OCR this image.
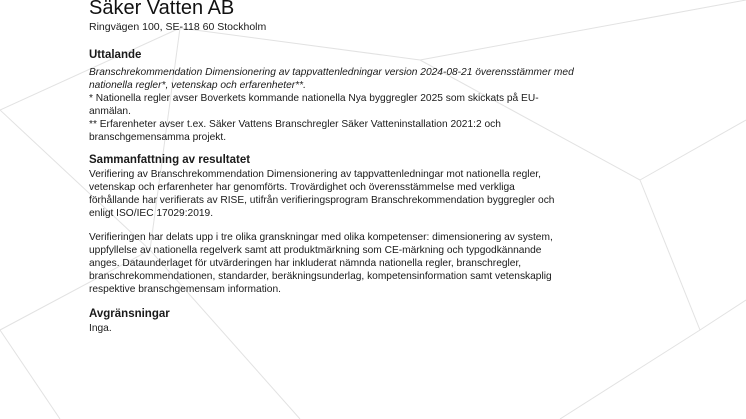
Säker Vatten AB
Ringvägen 100, SE-118 60 Stockholm
Uttalande

Branschrekommendation Dimensionering av tappvattenledningar version 2024-08-21 överensstämmer med

nationella regler*, vetenskap och erfarenheter**.

* Nationella regler avser Boverkets kommande nationella Nya byggregler 2025 som skickats på EU-

anmälan.

** Erfarenheter avser t.ex. Säker Vattens Branschregler Säker Vatteninstallation 2021:2 och

branschgemensamma projekt.

Sammanfattning av resultatet

Verifiering av Branschrekommendation Dimensionering av tappvattenledningar mot nationella regler,

vetenskap och erfarenheter har genomförts. Trovärdighet och överensstämmelse med verkliga

förhållande har verifierats av RISE, utifrån verifieringsprogram Branschrekommendation byggregler och

enligt ISO/IEC 17029:2019.

Verifieringen har delats upp i tre olika granskningar med olika kompetenser: dimensionering av system,

uppfyllelse av nationella regelverk samt att produktmärkning som CE-märkning och typgodkännande

anges. Dataunderlaget för utvärderingen har inkluderat nämnda nationella regler, branschregler,

branschrekommendationen, standarder, beräkningsunderlag, kompetensinformation samt vetenskaplig

respektive branschgemensam information.

Avgränsningar

Inga.
